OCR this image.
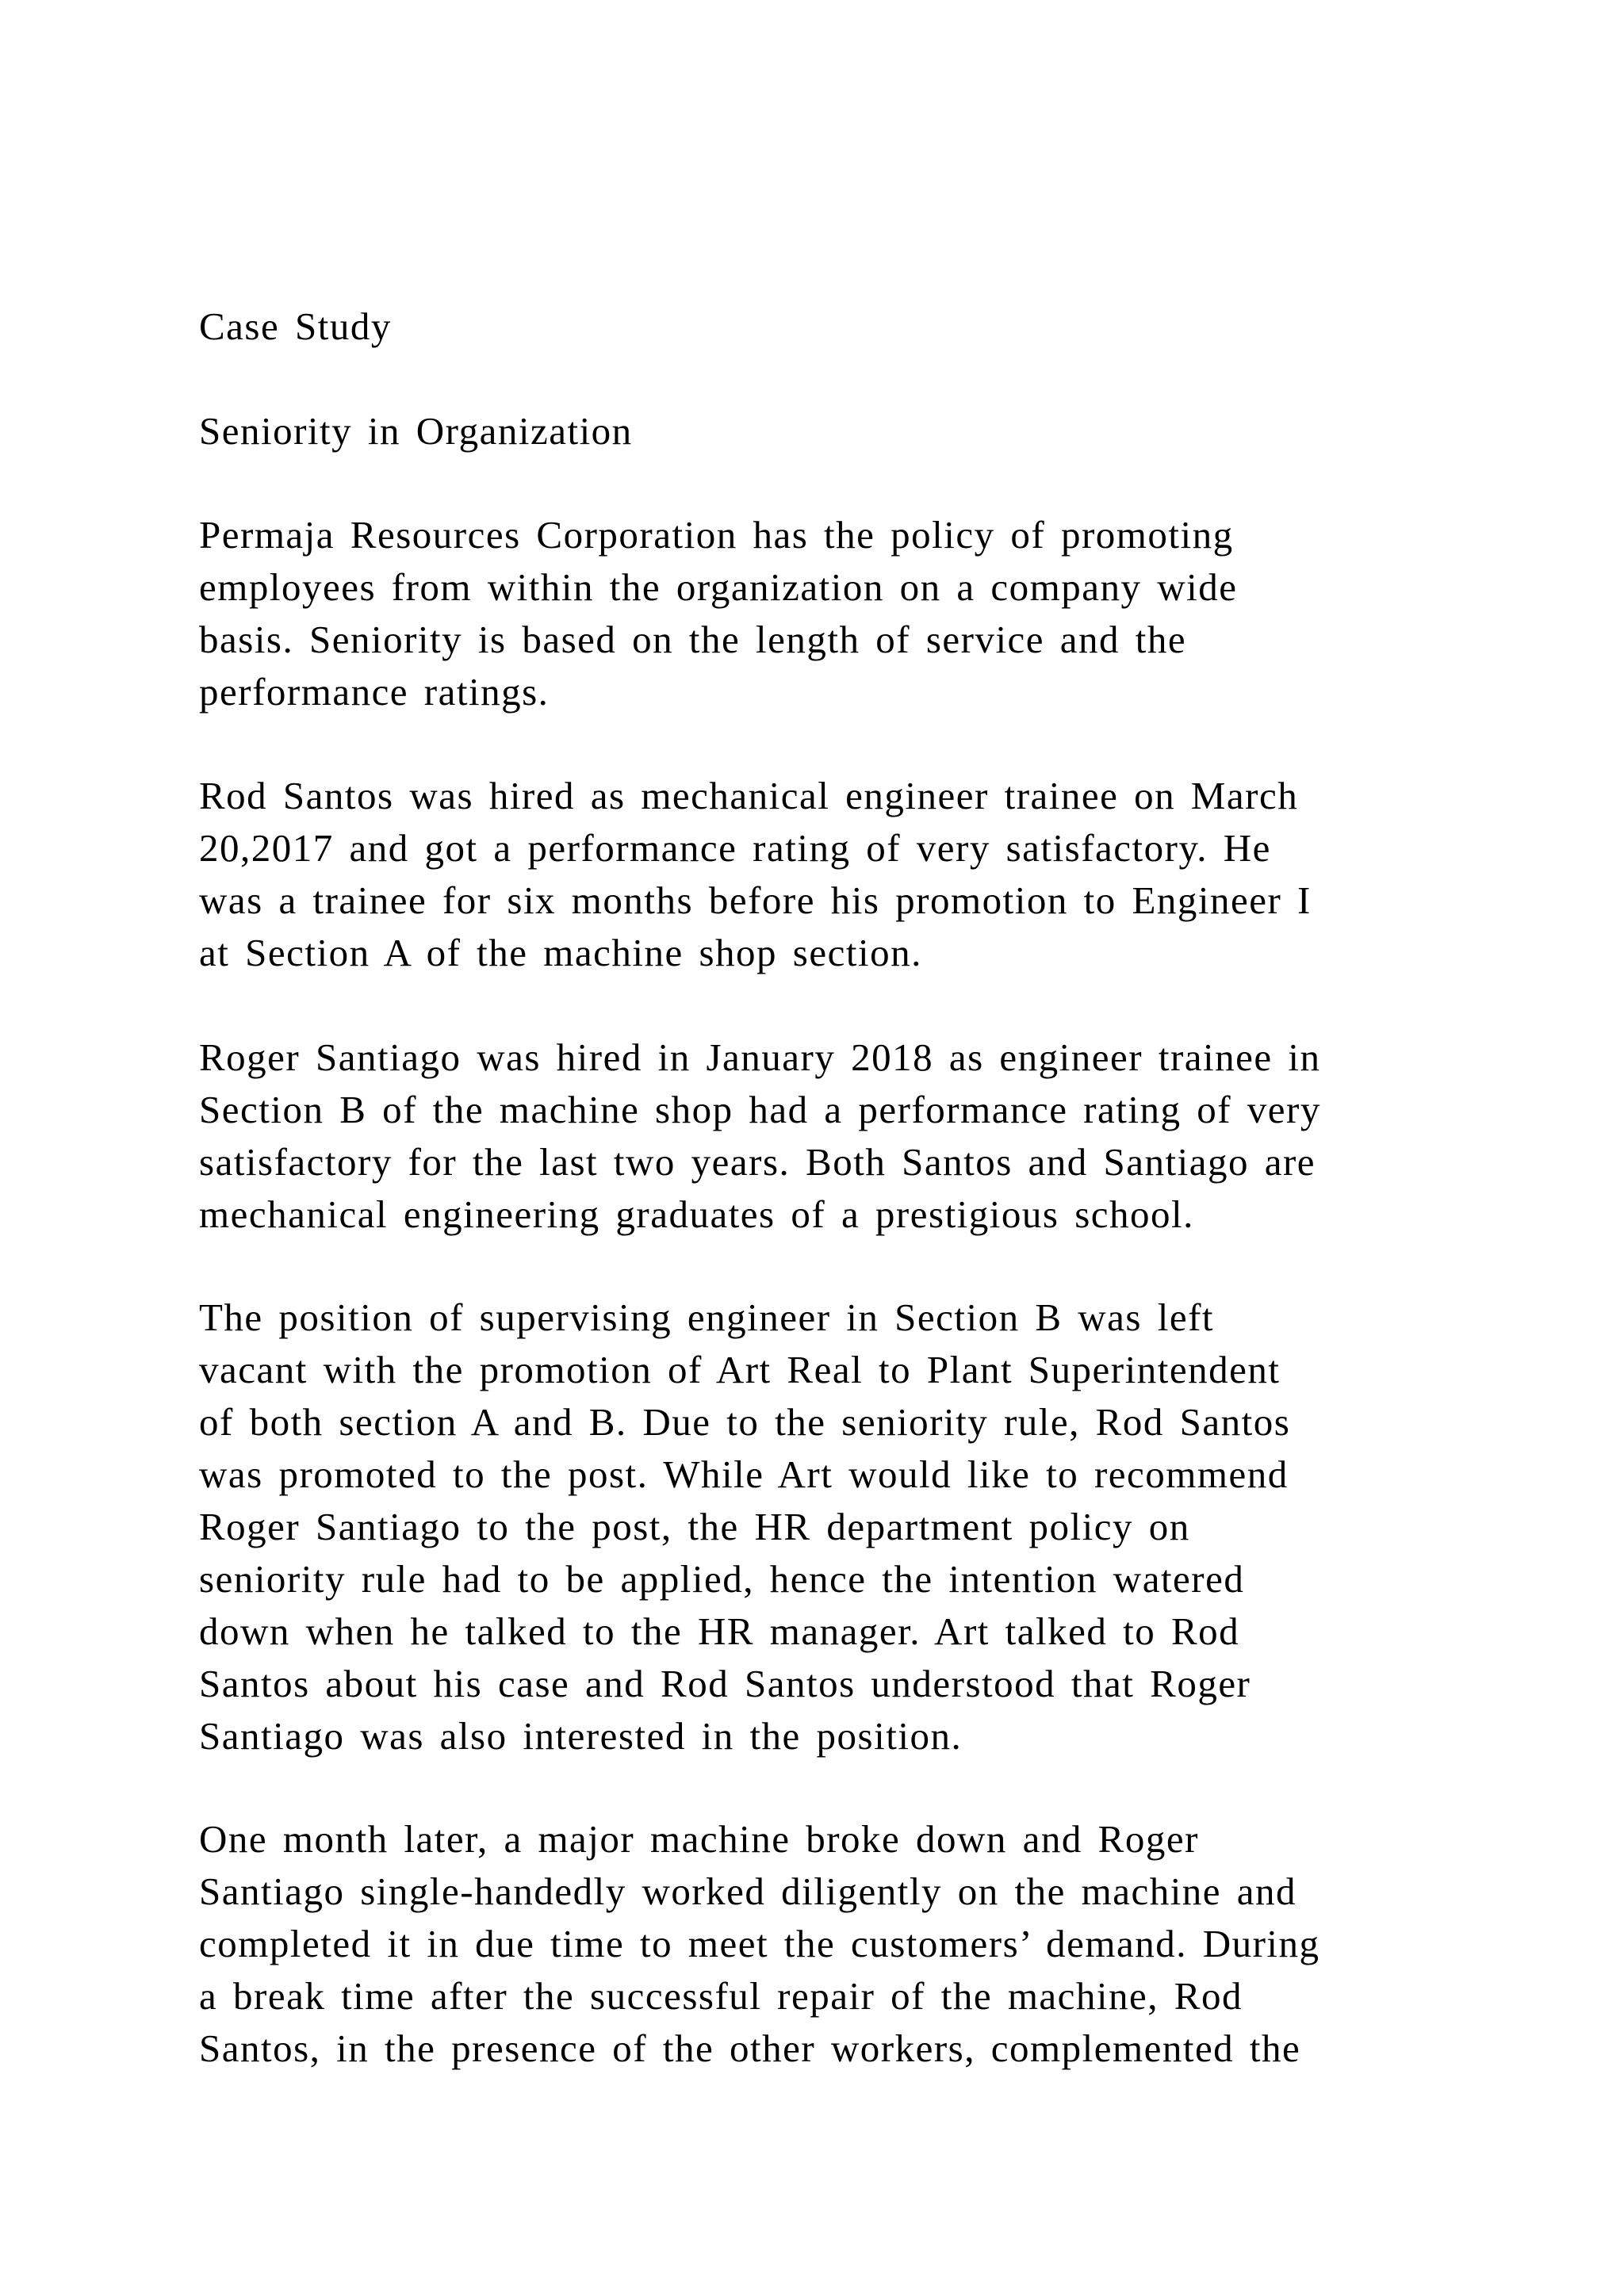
Case Study
Seniority in Organization
Permaja Resources Corporation has the policy of promoting
employees from within the organization on a company wide
basis. Seniority is based on the length of service and the
performance ratings.
Rod Santos was hired as mechanical engineer trainee on March
20,2017 and got a performance rating of very satisfactory. He
was a trainee for six months before his promotion to Engineer I
at Section A of the machine shop section.
Roger Santiago was hired in January 2018 as engineer trainee in
Section B of the machine shop had a performance rating of very
satisfactory for the last two years. Both Santos and Santiago are
mechanical engineering graduates of a prestigious school.
The position of supervising engineer in Section B was left
vacant with the promotion of Art Real to Plant Superintendent
of both section A and B. Due to the seniority rule, Rod Santos
was promoted to the post. While Art would like to recommend
Roger Santiago to the post, the HR department policy on
seniority rule had to be applied, hence the intention watered
down when he talked to the HR manager. Art talked to Rod
Santos about his case and Rod Santos understood that Roger
Santiago was also interested in the position.
One month later, a major machine broke down and Roger
Santiago single-handedly worked diligently on the machine and
completed it in due time to meet the customers’ demand. During
a break time after the successful repair of the machine, Rod
Santos, in the presence of the other workers, complemented the
